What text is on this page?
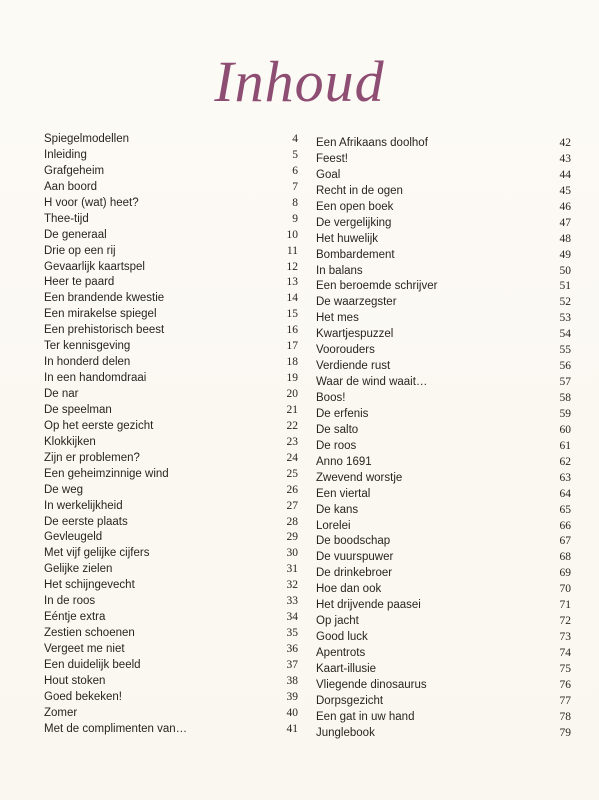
Inhoud
Spiegelmodellen	4
Inleiding	5
Grafgeheim	6
Aan boord	7
H voor (wat) heet?	8
Thee-tijd	9
De generaal	10
Drie op een rij	11
Gevaarlijk kaartspel	12
Heer te paard	13
Een brandende kwestie	14
Een mirakelse spiegel	15
Een prehistorisch beest	16
Ter kennisgeving	17
In honderd delen	18
In een handomdraai	19
De nar	20
De speelman	21
Op het eerste gezicht	22
Klokkijken	23
Zijn er problemen?	24
Een geheimzinnige wind	25
De weg	26
In werkelijkheid	27
De eerste plaats	28
Gevleugeld	29
Met vijf gelijke cijfers	30
Gelijke zielen	31
Het schijngevecht	32
In de roos	33
Eéntje extra	34
Zestien schoenen	35
Vergeet me niet	36
Een duidelijk beeld	37
Hout stoken	38
Goed bekeken!	39
Zomer	40
Met de complimenten van…	41
Een Afrikaans doolhof	42
Feest!	43
Goal	44
Recht in de ogen	45
Een open boek	46
De vergelijking	47
Het huwelijk	48
Bombardement	49
In balans	50
Een beroemde schrijver	51
De waarzegster	52
Het mes	53
Kwartjespuzzel	54
Voorouders	55
Verdiende rust	56
Waar de wind waait…	57
Boos!	58
De erfenis	59
De salto	60
De roos	61
Anno 1691	62
Zwevend worstje	63
Een viertal	64
De kans	65
Lorelei	66
De boodschap	67
De vuurspuwer	68
De drinkebroer	69
Hoe dan ook	70
Het drijvende paasei	71
Op jacht	72
Good luck	73
Apentrots	74
Kaart-illusie	75
Vliegende dinosaurus	76
Dorpsgezicht	77
Een gat in uw hand	78
Junglebook	79
